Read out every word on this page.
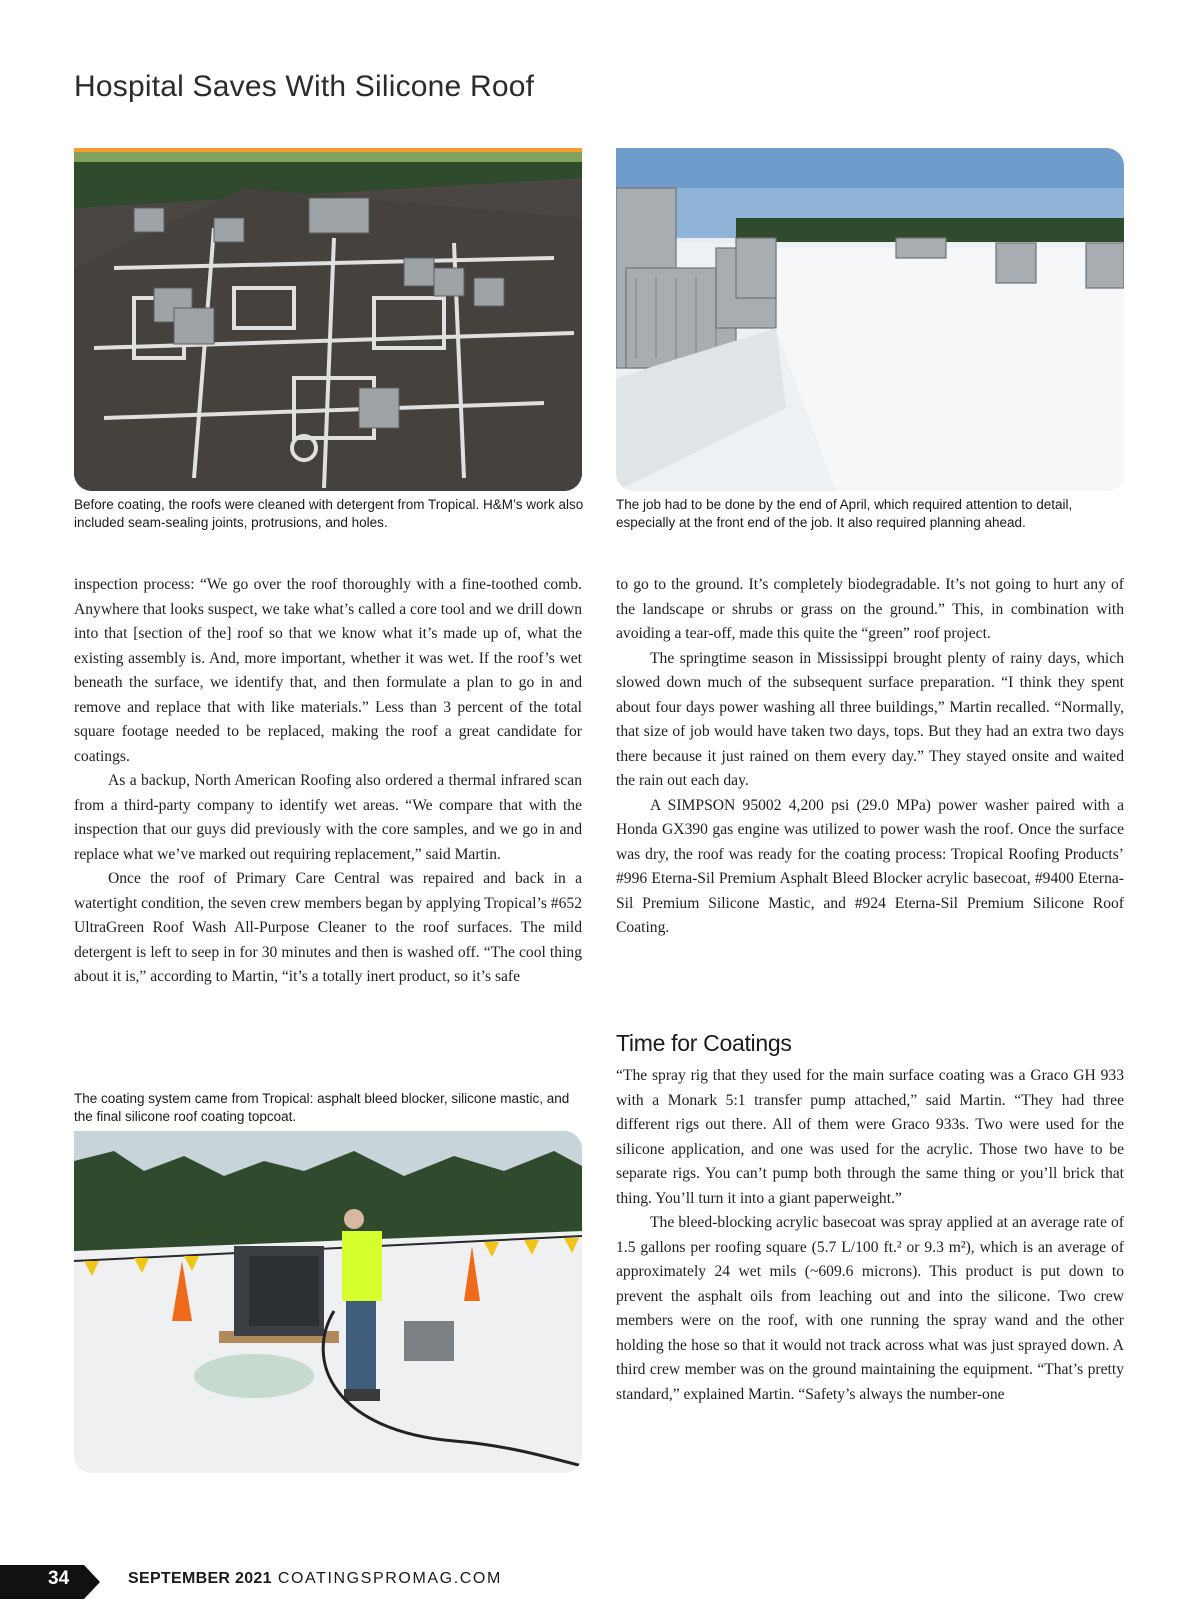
Hospital Saves With Silicone Roof

Before coating, the roofs were cleaned with detergent from Tropical. H&M’s work also included seam-sealing joints, protrusions, and holes.

The job had to be done by the end of April, which required attention to detail, especially at the front end of the job. It also required planning ahead.

inspection process: “We go over the roof thoroughly with a fine-toothed comb. Anywhere that looks suspect, we take what’s called a core tool and we drill down into that [section of the] roof so that we know what it’s made up of, what the existing assembly is. And, more important, whether it was wet. If the roof’s wet beneath the surface, we identify that, and then formulate a plan to go in and remove and replace that with like materials.” Less than 3 percent of the total square footage needed to be replaced, making the roof a great candidate for coatings.

As a backup, North American Roofing also ordered a thermal infrared scan from a third-party company to identify wet areas. “We compare that with the inspection that our guys did previously with the core samples, and we go in and replace what we’ve marked out requiring replacement,” said Martin.

Once the roof of Primary Care Central was repaired and back in a watertight condition, the seven crew members began by applying Tropical’s #652 UltraGreen Roof Wash All-Purpose Cleaner to the roof surfaces. The mild detergent is left to seep in for 30 minutes and then is washed off. “The cool thing about it is,” according to Martin, “it’s a totally inert product, so it’s safe

The coating system came from Tropical: asphalt bleed blocker, silicone mastic, and the final silicone roof coating topcoat.

to go to the ground. It’s completely biodegradable. It’s not going to hurt any of the landscape or shrubs or grass on the ground.” This, in combination with avoiding a tear-off, made this quite the “green” roof project.

The springtime season in Mississippi brought plenty of rainy days, which slowed down much of the subsequent surface preparation. “I think they spent about four days power washing all three buildings,” Martin recalled. “Normally, that size of job would have taken two days, tops. But they had an extra two days there because it just rained on them every day.” They stayed onsite and waited the rain out each day.

A SIMPSON 95002 4,200 psi (29.0 MPa) power washer paired with a Honda GX390 gas engine was utilized to power wash the roof. Once the surface was dry, the roof was ready for the coating process: Tropical Roofing Products’ #996 Eterna-Sil Premium Asphalt Bleed Blocker acrylic basecoat, #9400 Eterna-Sil Premium Silicone Mastic, and #924 Eterna-Sil Premium Silicone Roof Coating.

Time for Coatings

“The spray rig that they used for the main surface coating was a Graco GH 933 with a Monark 5:1 transfer pump attached,” said Martin. “They had three different rigs out there. All of them were Graco 933s. Two were used for the silicone application, and one was used for the acrylic. Those two have to be separate rigs. You can’t pump both through the same thing or you’ll brick that thing. You’ll turn it into a giant paperweight.”

The bleed-blocking acrylic basecoat was spray applied at an average rate of 1.5 gallons per roofing square (5.7 L/100 ft.² or 9.3 m²), which is an average of approximately 24 wet mils (~609.6 microns). This product is put down to prevent the asphalt oils from leaching out and into the silicone. Two crew members were on the roof, with one running the spray wand and the other holding the hose so that it would not track across what was just sprayed down. A third crew member was on the ground maintaining the equipment. “That’s pretty standard,” explained Martin. “Safety’s always the number-one

34	SEPTEMBER 2021 COATINGSPROMAG.COM
